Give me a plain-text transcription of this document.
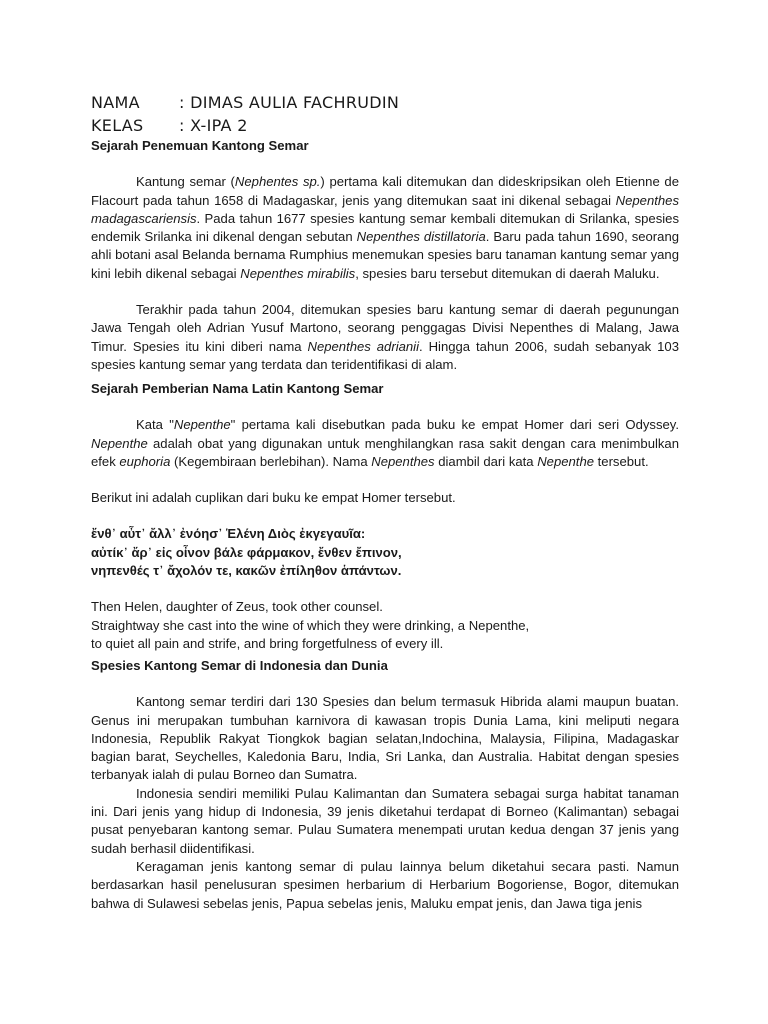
NAMA : DIMAS AULIA FACHRUDIN
KELAS : X-IPA 2
Sejarah Penemuan Kantong Semar

Kantung semar (Nephentes sp.) pertama kali ditemukan dan dideskripsikan oleh Etienne de Flacourt pada tahun 1658 di Madagaskar, jenis yang ditemukan saat ini dikenal sebagai Nepenthes madagascariensis. Pada tahun 1677 spesies kantung semar kembali ditemukan di Srilanka, spesies endemik Srilanka ini dikenal dengan sebutan Nepenthes distillatoria. Baru pada tahun 1690, seorang ahli botani asal Belanda bernama Rumphius menemukan spesies baru tanaman kantung semar yang kini lebih dikenal sebagai Nepenthes mirabilis, spesies baru tersebut ditemukan di daerah Maluku.

Terakhir pada tahun 2004, ditemukan spesies baru kantung semar di daerah pegunungan Jawa Tengah oleh Adrian Yusuf Martono, seorang penggagas Divisi Nepenthes di Malang, Jawa Timur. Spesies itu kini diberi nama Nepenthes adrianii. Hingga tahun 2006, sudah sebanyak 103 spesies kantung semar yang terdata dan teridentifikasi di alam.

Sejarah Pemberian Nama Latin Kantong Semar

Kata "Nepenthe" pertama kali disebutkan pada buku ke empat Homer dari seri Odyssey. Nepenthe adalah obat yang digunakan untuk menghilangkan rasa sakit dengan cara menimbulkan efek euphoria (Kegembiraan berlebihan). Nama Nepenthes diambil dari kata Nepenthe tersebut.

Berikut ini adalah cuplikan dari buku ke empat Homer tersebut.

ἔνθ᾽ αὖτ᾽ ἄλλ᾽ ἐνόησ᾽ Ἑλένη Διὸς ἐκγεγαυῖα:

αὐτίκ᾽ ἄρ᾽ εἰς οἶνον βάλε φάρμακον, ἔνθεν ἔπινον,

νηπενθές τ᾽ ἄχολόν τε, κακῶν ἐπίληθον ἁπάντων.

Then Helen, daughter of Zeus, took other counsel.

Straightway she cast into the wine of which they were drinking, a Nepenthe,

to quiet all pain and strife, and bring forgetfulness of every ill.

Spesies Kantong Semar di Indonesia dan Dunia

Kantong semar terdiri dari 130 Spesies dan belum termasuk Hibrida alami maupun buatan. Genus ini merupakan tumbuhan karnivora di kawasan tropis Dunia Lama, kini meliputi negara Indonesia, Republik Rakyat Tiongkok bagian selatan,Indochina, Malaysia, Filipina, Madagaskar bagian barat, Seychelles, Kaledonia Baru, India, Sri Lanka, dan Australia. Habitat dengan spesies terbanyak ialah di pulau Borneo dan Sumatra.

Indonesia sendiri memiliki Pulau Kalimantan dan Sumatera sebagai surga habitat tanaman ini. Dari jenis yang hidup di Indonesia, 39 jenis diketahui terdapat di Borneo (Kalimantan) sebagai pusat penyebaran kantong semar. Pulau Sumatera menempati urutan kedua dengan 37 jenis yang sudah berhasil diidentifikasi.

Keragaman jenis kantong semar di pulau lainnya belum diketahui secara pasti. Namun berdasarkan hasil penelusuran spesimen herbarium di Herbarium Bogoriense, Bogor, ditemukan bahwa di Sulawesi sebelas jenis, Papua sebelas jenis, Maluku empat jenis, dan Jawa tiga jenis
